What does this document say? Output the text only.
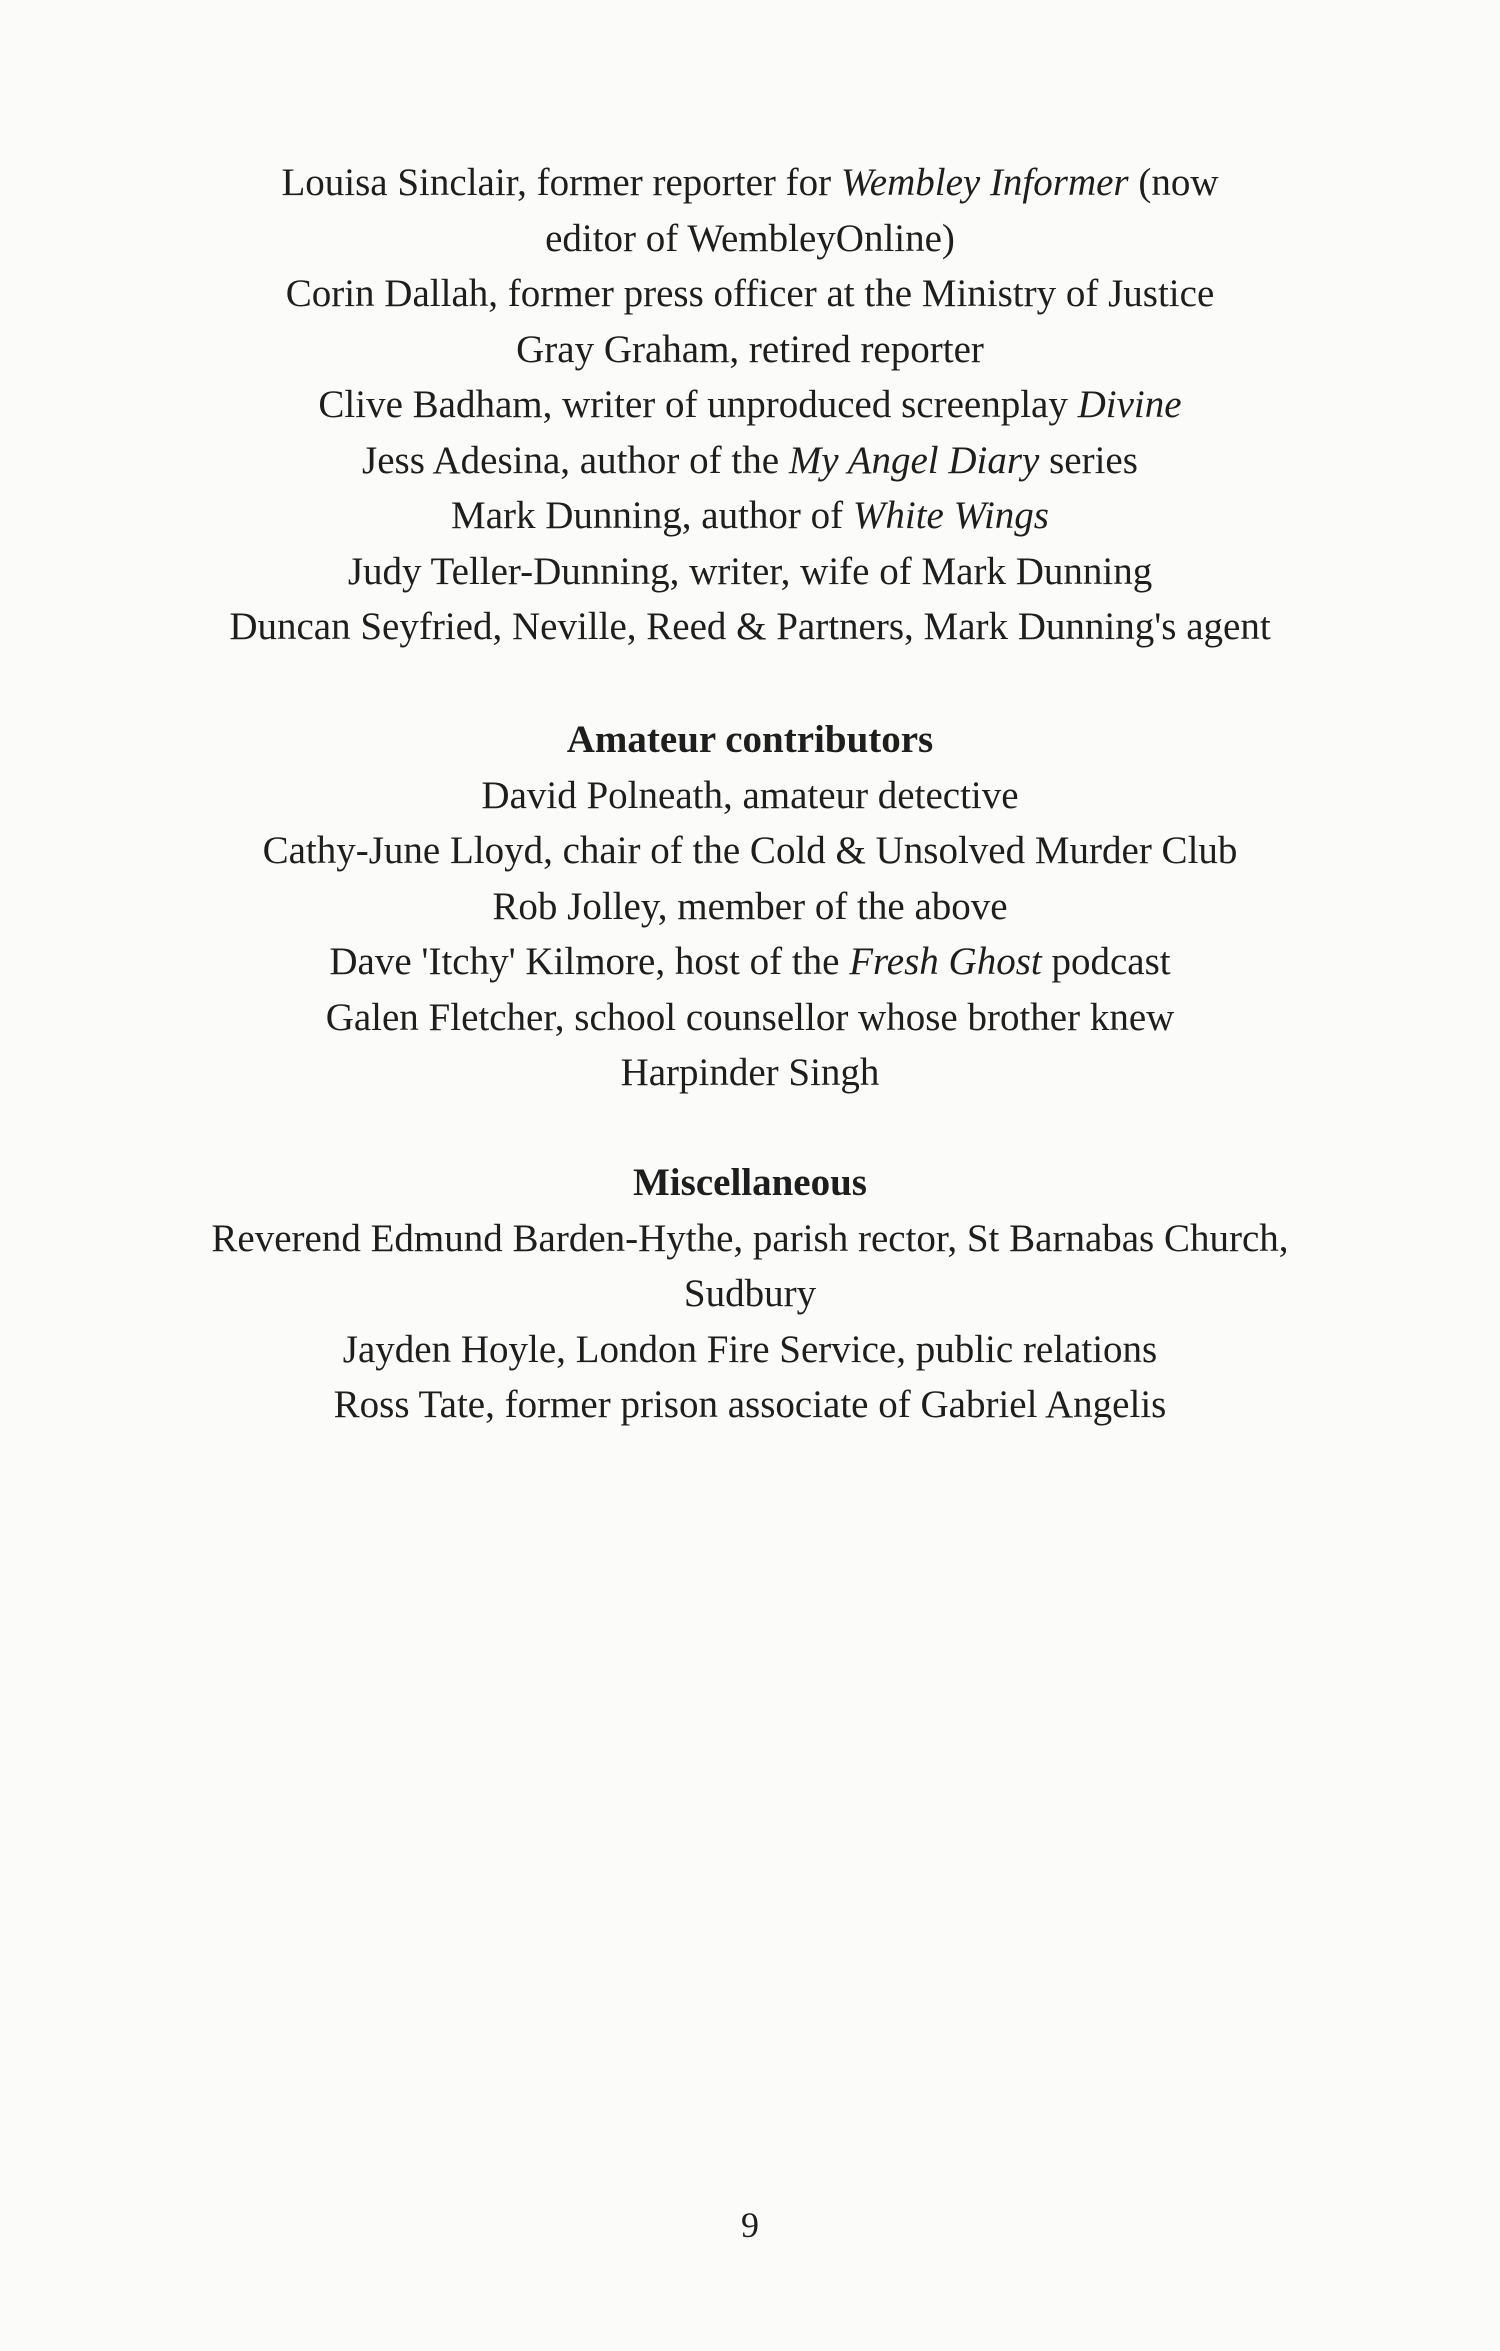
Louisa Sinclair, former reporter for Wembley Informer (now
editor of WembleyOnline)
Corin Dallah, former press officer at the Ministry of Justice
Gray Graham, retired reporter
Clive Badham, writer of unproduced screenplay Divine
Jess Adesina, author of the My Angel Diary series
Mark Dunning, author of White Wings
Judy Teller-Dunning, writer, wife of Mark Dunning
Duncan Seyfried, Neville, Reed & Partners, Mark Dunning's agent
Amateur contributors
David Polneath, amateur detective
Cathy-June Lloyd, chair of the Cold & Unsolved Murder Club
Rob Jolley, member of the above
Dave 'Itchy' Kilmore, host of the Fresh Ghost podcast
Galen Fletcher, school counsellor whose brother knew
Harpinder Singh
Miscellaneous
Reverend Edmund Barden-Hythe, parish rector, St Barnabas Church,
Sudbury
Jayden Hoyle, London Fire Service, public relations
Ross Tate, former prison associate of Gabriel Angelis
9
